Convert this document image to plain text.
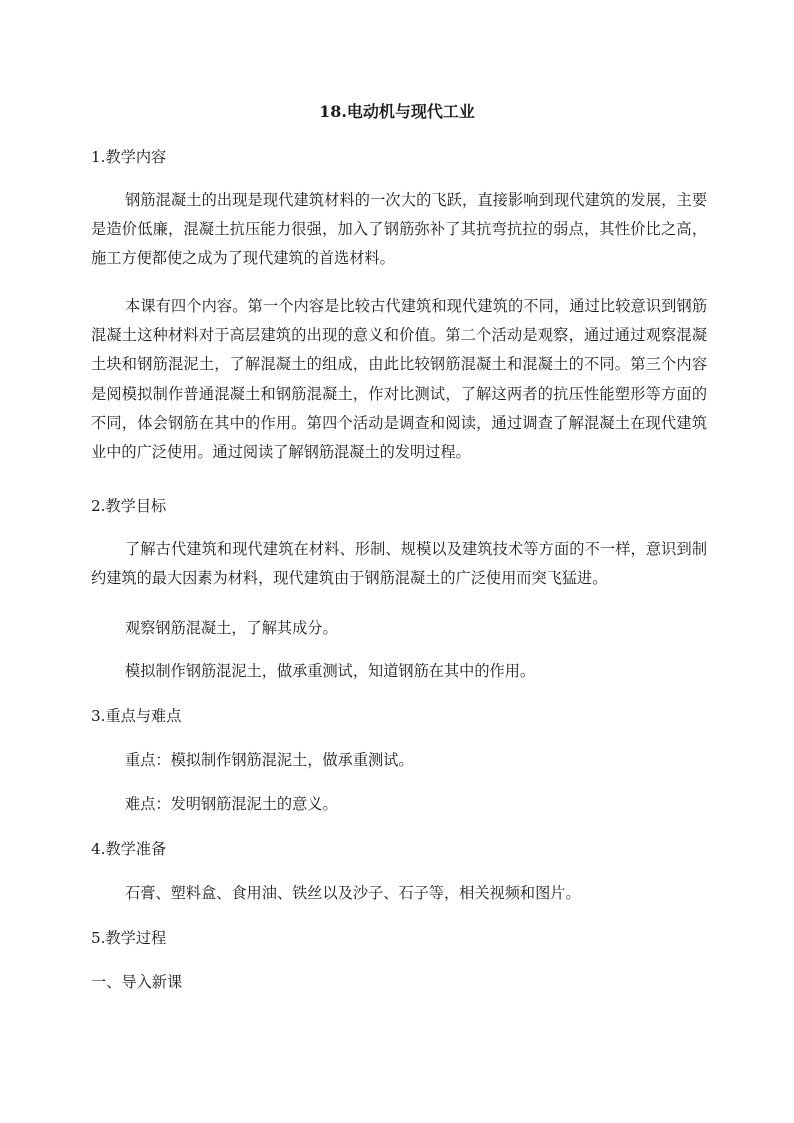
18.电动机与现代工业
1.教学内容

钢筋混凝土的出现是现代建筑材料的一次大的飞跃，直接影响到现代建筑的发展，主要是造价低廉，混凝土抗压能力很强，加入了钢筋弥补了其抗弯抗拉的弱点，其性价比之高，施工方便都使之成为了现代建筑的首选材料。

本课有四个内容。第一个内容是比较古代建筑和现代建筑的不同，通过比较意识到钢筋混凝土这种材料对于高层建筑的出现的意义和价值。第二个活动是观察，通过通过观察混凝土块和钢筋混泥土，了解混凝土的组成，由此比较钢筋混凝土和混凝土的不同。第三个内容是阅模拟制作普通混凝土和钢筋混凝土，作对比测试，了解这两者的抗压性能塑形等方面的不同，体会钢筋在其中的作用。第四个活动是调查和阅读，通过调查了解混凝土在现代建筑业中的广泛使用。通过阅读了解钢筋混凝土的发明过程。

2.教学目标

了解古代建筑和现代建筑在材料、形制、规模以及建筑技术等方面的不一样，意识到制约建筑的最大因素为材料，现代建筑由于钢筋混凝土的广泛使用而突飞猛进。

观察钢筋混凝土，了解其成分。
模拟制作钢筋混泥土，做承重测试，知道钢筋在其中的作用。
3.重点与难点
重点：模拟制作钢筋混泥土，做承重测试。
难点：发明钢筋混泥土的意义。
4.教学准备
石膏、塑料盒、食用油、铁丝以及沙子、石子等，相关视频和图片。
5.教学过程
一、导入新课
